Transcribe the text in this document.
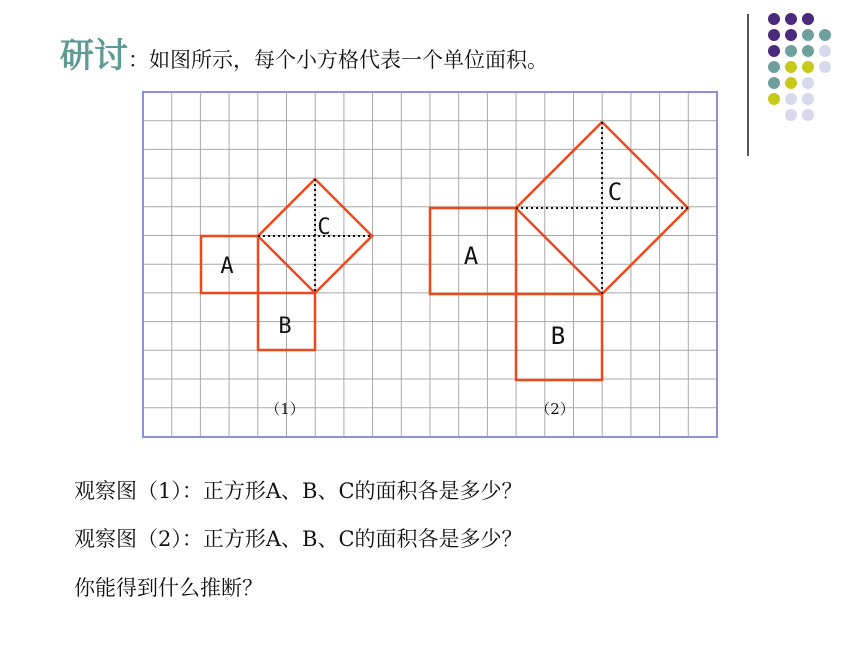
研讨：如图所示，每个小方格代表一个单位面积。
A
B
C
（1）
A
B
C
（2）
观察图（1）：正方形A、B、C的面积各是多少？
观察图（2）：正方形A、B、C的面积各是多少？
你能得到什么推断？
